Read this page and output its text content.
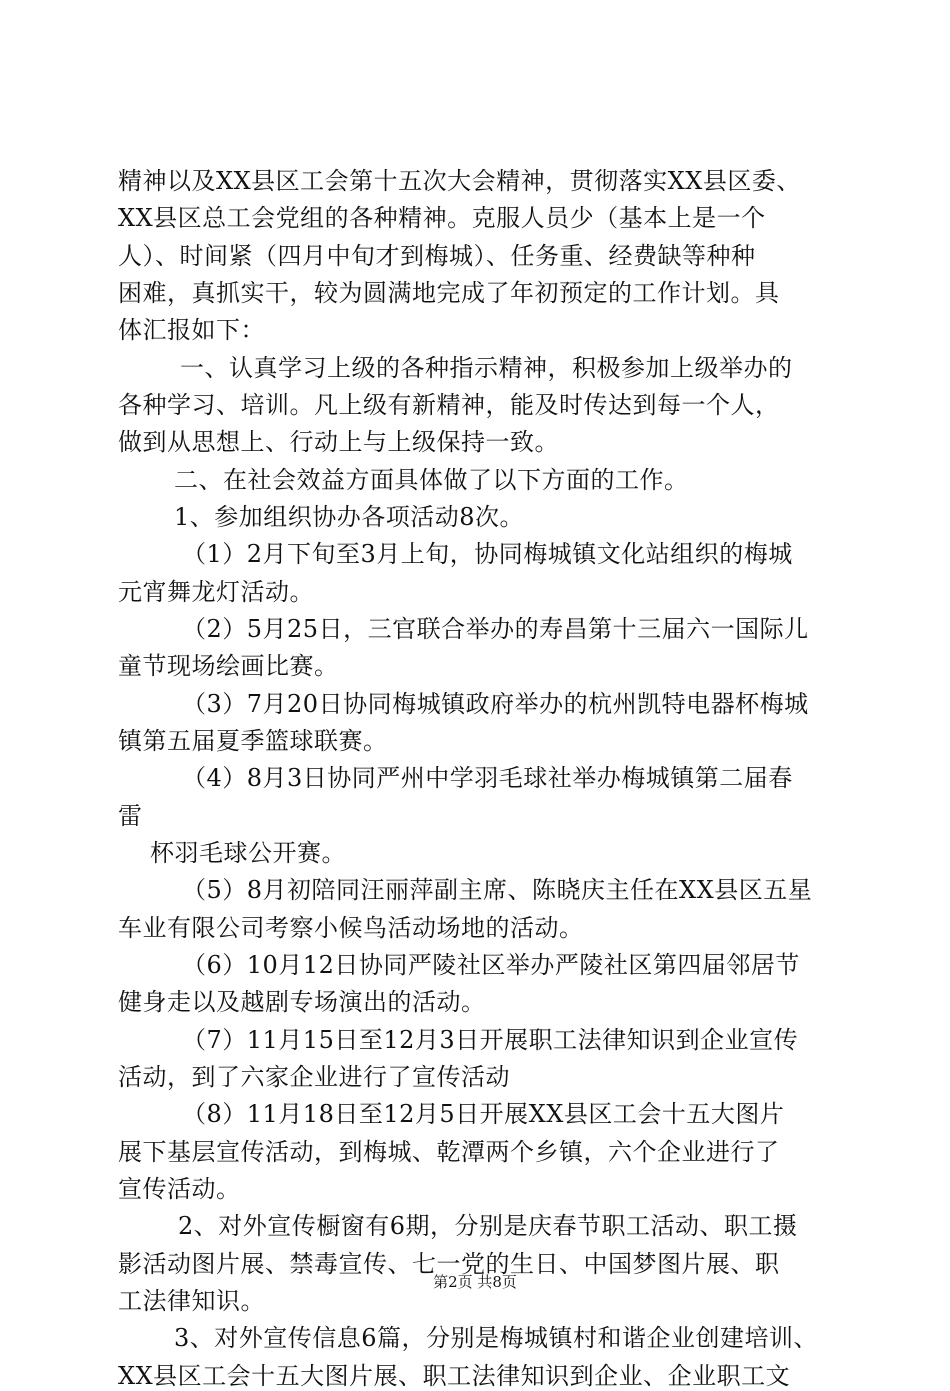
精神以及XX县区工会第十五次大会精神，贯彻落实XX县区委、
XX县区总工会党组的各种精神。克服人员少（基本上是一个
人）、时间紧（四月中旬才到梅城）、任务重、经费缺等种种
困难，真抓实干，较为圆满地完成了年初预定的工作计划。具
体汇报如下：
一、认真学习上级的各种指示精神，积极参加上级举办的
各种学习、培训。凡上级有新精神，能及时传达到每一个人，
做到从思想上、行动上与上级保持一致。
二、在社会效益方面具体做了以下方面的工作。
1、参加组织协办各项活动8次。
（1）2月下旬至3月上旬，协同梅城镇文化站组织的梅城
元宵舞龙灯活动。
（2）5月25日，三官联合举办的寿昌第十三届六一国际儿
童节现场绘画比赛。
（3）7月20日协同梅城镇政府举办的杭州凯特电器杯梅城
镇第五届夏季篮球联赛。
（4）8月3日协同严州中学羽毛球社举办梅城镇第二届春
雷
杯羽毛球公开赛。
（5）8月初陪同汪丽萍副主席、陈晓庆主任在XX县区五星
车业有限公司考察小候鸟活动场地的活动。
（6）10月12日协同严陵社区举办严陵社区第四届邻居节
健身走以及越剧专场演出的活动。
（7）11月15日至12月3日开展职工法律知识到企业宣传
活动，到了六家企业进行了宣传活动
（8）11月18日至12月5日开展XX县区工会十五大图片
展下基层宣传活动，到梅城、乾潭两个乡镇，六个企业进行了
宣传活动。
2、对外宣传橱窗有6期，分别是庆春节职工活动、职工摄
影活动图片展、禁毒宣传、七一党的生日、中国梦图片展、职
工法律知识。
3、对外宣传信息6篇，分别是梅城镇村和谐企业创建培训、
XX县区工会十五大图片展、职工法律知识到企业、企业职工文
第2页 共8页
